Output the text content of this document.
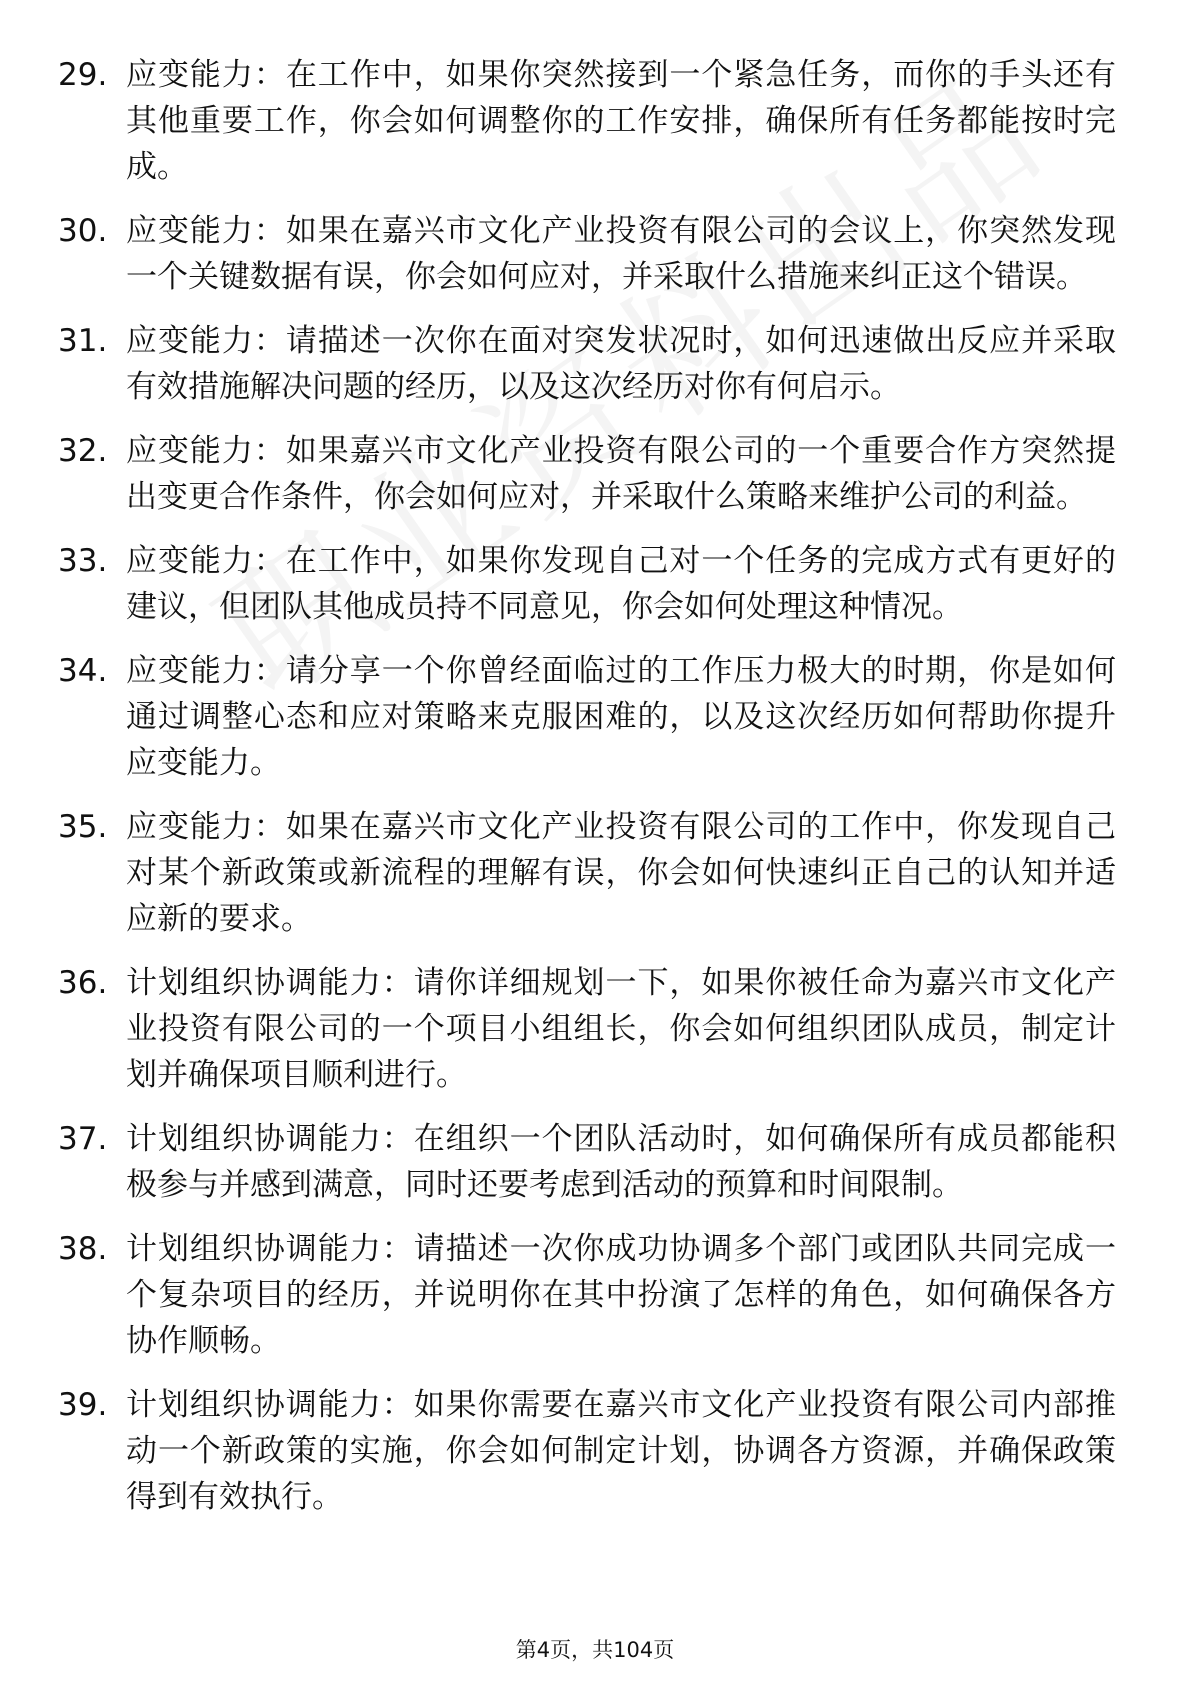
29. 应变能力：在工作中，如果你突然接到一个紧急任务，而你的手头还有其他重要工作，你会如何调整你的工作安排，确保所有任务都能按时完成。
30. 应变能力：如果在嘉兴市文化产业投资有限公司的会议上，你突然发现一个关键数据有误，你会如何应对，并采取什么措施来纠正这个错误。
31. 应变能力：请描述一次你在面对突发状况时，如何迅速做出反应并采取有效措施解决问题的经历，以及这次经历对你有何启示。
32. 应变能力：如果嘉兴市文化产业投资有限公司的一个重要合作方突然提出变更合作条件，你会如何应对，并采取什么策略来维护公司的利益。
33. 应变能力：在工作中，如果你发现自己对一个任务的完成方式有更好的建议，但团队其他成员持不同意见，你会如何处理这种情况。
34. 应变能力：请分享一个你曾经面临过的工作压力极大的时期，你是如何通过调整心态和应对策略来克服困难的，以及这次经历如何帮助你提升应变能力。
35. 应变能力：如果在嘉兴市文化产业投资有限公司的工作中，你发现自己对某个新政策或新流程的理解有误，你会如何快速纠正自己的认知并适应新的要求。
36. 计划组织协调能力：请你详细规划一下，如果你被任命为嘉兴市文化产业投资有限公司的一个项目小组组长，你会如何组织团队成员，制定计划并确保项目顺利进行。
37. 计划组织协调能力：在组织一个团队活动时，如何确保所有成员都能积极参与并感到满意，同时还要考虑到活动的预算和时间限制。
38. 计划组织协调能力：请描述一次你成功协调多个部门或团队共同完成一个复杂项目的经历，并说明你在其中扮演了怎样的角色，如何确保各方协作顺畅。
39. 计划组织协调能力：如果你需要在嘉兴市文化产业投资有限公司内部推动一个新政策的实施，你会如何制定计划，协调各方资源，并确保政策得到有效执行。
第4页，共104页
